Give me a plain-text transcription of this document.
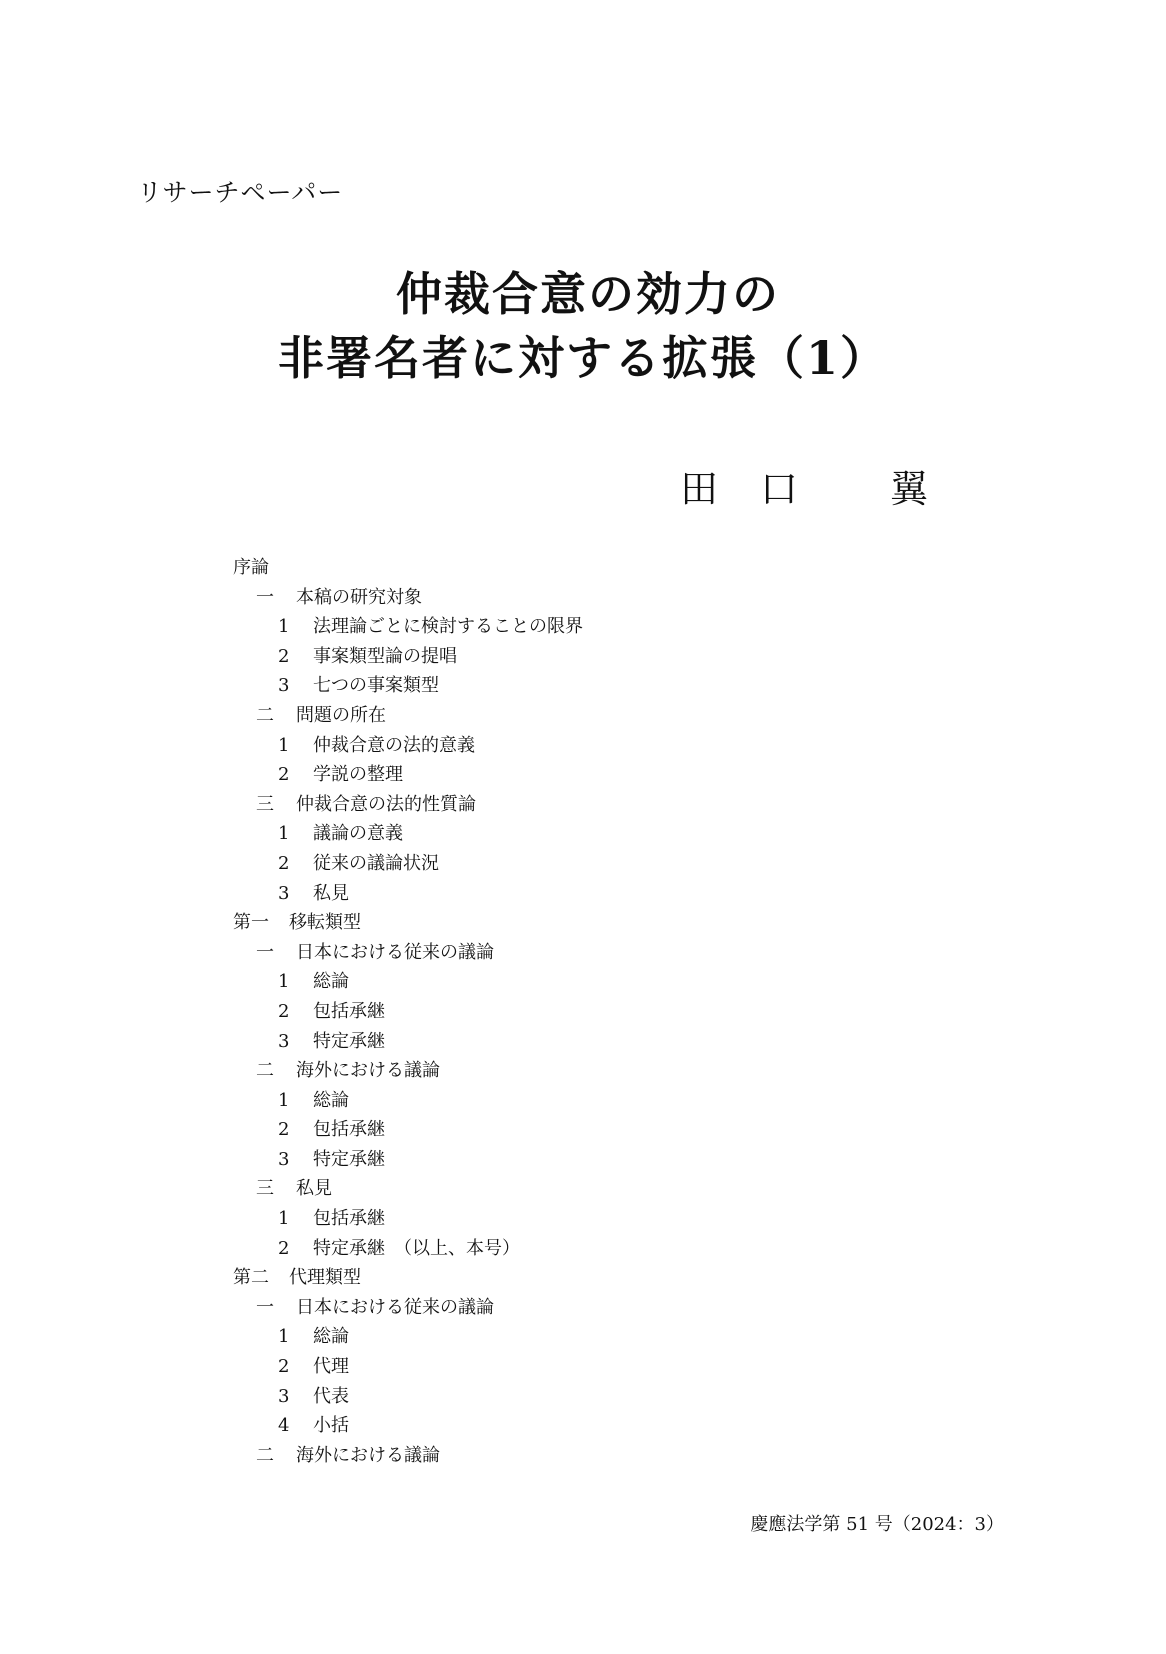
リサーチペーパー
仲裁合意の効力の
非署名者に対する拡張（1）
田	口	翼
序論
一	本稿の研究対象
1	法理論ごとに検討することの限界
2	事案類型論の提唱
3	七つの事案類型
二	問題の所在
1	仲裁合意の法的意義
2	学説の整理
三	仲裁合意の法的性質論
1	議論の意義
2	従来の議論状況
3	私見
第一	移転類型
一	日本における従来の議論
1	総論
2	包括承継
3	特定承継
二	海外における議論
1	総論
2	包括承継
3	特定承継
三	私見
1	包括承継
2	特定承継　（以上、本号）
第二	代理類型
一	日本における従来の議論
1	総論
2	代理
3	代表
4	小括
二	海外における議論
慶應法学第 51 号（2024：3）
